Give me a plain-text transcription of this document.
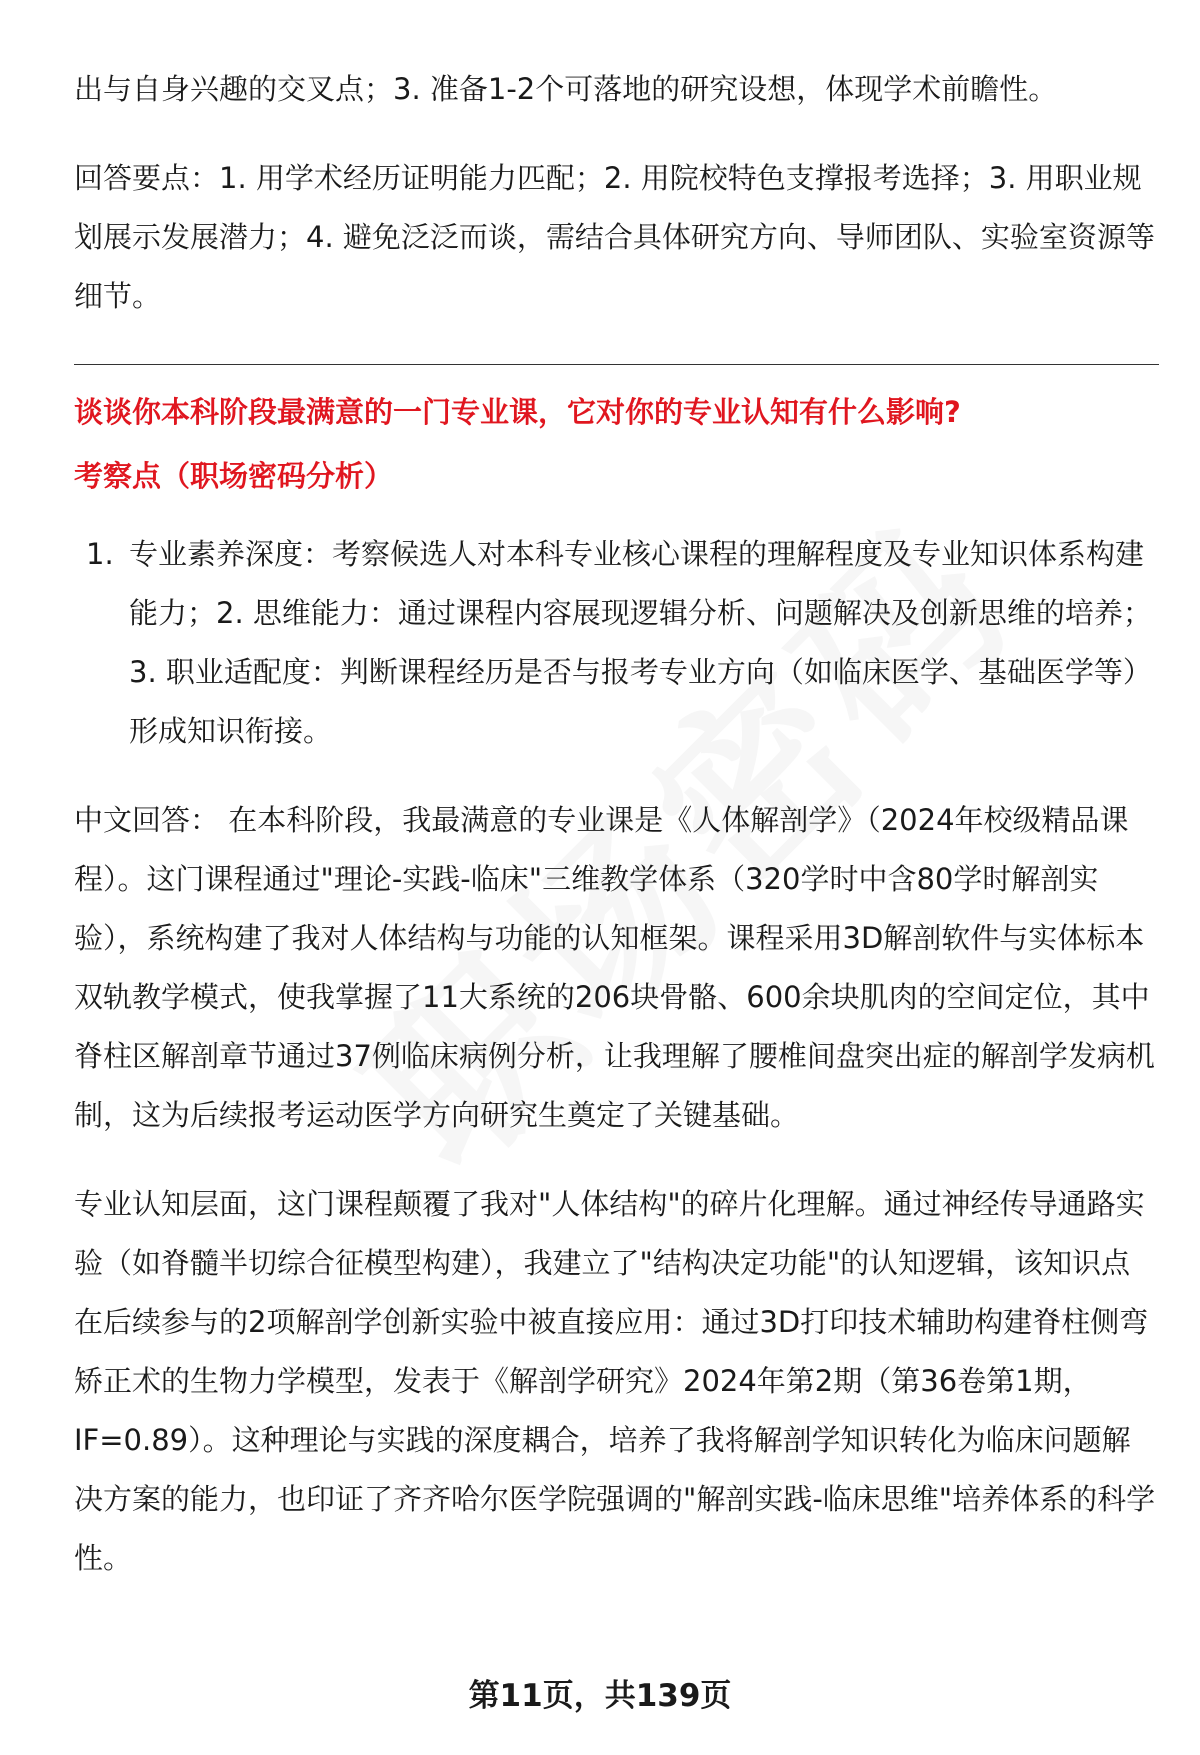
出与自身兴趣的交叉点；3. 准备1-2个可落地的研究设想，体现学术前瞻性。

回答要点：1. 用学术经历证明能力匹配；2. 用院校特色支撑报考选择；3. 用职业规划展示发展潜力；4. 避免泛泛而谈，需结合具体研究方向、导师团队、实验室资源等细节。

谈谈你本科阶段最满意的一门专业课，它对你的专业认知有什么影响?
考察点（职场密码分析）
1. 专业素养深度：考察候选人对本科专业核心课程的理解程度及专业知识体系构建能力；2. 思维能力：通过课程内容展现逻辑分析、问题解决及创新思维的培养；3. 职业适配度：判断课程经历是否与报考专业方向（如临床医学、基础医学等）形成知识衔接。

中文回答： 在本科阶段，我最满意的专业课是《人体解剖学》（2024年校级精品课程）。这门课程通过"理论-实践-临床"三维教学体系（320学时中含80学时解剖实验），系统构建了我对人体结构与功能的认知框架。课程采用3D解剖软件与实体标本双轨教学模式，使我掌握了11大系统的206块骨骼、600余块肌肉的空间定位，其中脊柱区解剖章节通过37例临床病例分析，让我理解了腰椎间盘突出症的解剖学发病机制，这为后续报考运动医学方向研究生奠定了关键基础。

专业认知层面，这门课程颠覆了我对"人体结构"的碎片化理解。通过神经传导通路实验（如脊髓半切综合征模型构建），我建立了"结构决定功能"的认知逻辑，该知识点在后续参与的2项解剖学创新实验中被直接应用：通过3D打印技术辅助构建脊柱侧弯矫正术的生物力学模型，发表于《解剖学研究》2024年第2期（第36卷第1期，IF=0.89）。这种理论与实践的深度耦合，培养了我将解剖学知识转化为临床问题解决方案的能力，也印证了齐齐哈尔医学院强调的"解剖实践-临床思维"培养体系的科学性。

第11页，共139页
